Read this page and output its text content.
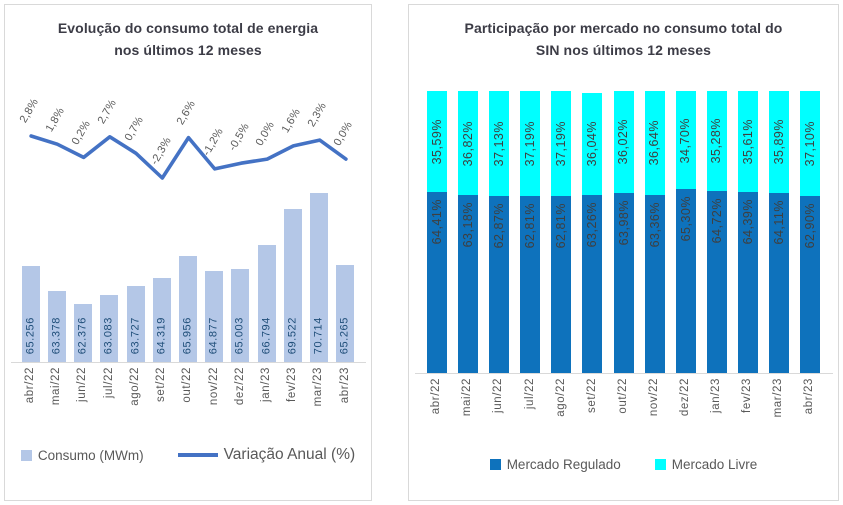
Evolução do consumo total de energia nos últimos 12 meses
65.256 63.378 62.376 63.083 63.727 64.319 65.956 64.877 65.003 66.794 69.522 70.714 65.265
2,8% 1,8% 0,2%
2,7%
0,7%
-2,3%
2,6%
-1,2% -0,5% 0,0% 1,6% 2,3%
0,0%
abr/22 mai/22 jun/22 jul/22 ago/22 set/22 out/22 nov/22 dez/22 jan/23 fev/23 mar/23 abr/23
Consumo (MWm)	Variação Anual (%)
Participação por mercado no consumo total do SIN nos últimos 12 meses
35,59%
64,41%
36,82%
63,18%
37,13%
62,87%
37,19%
62,81%
37,19%
62,81%
36,04%
63,26%
36,02%
63,98%
36,64%
63,36%
34,70%
65,30%
35,28%
64,72%
35,61%
64,39%
35,89%
64,11%
37,10%
62,90%
abr/22 mai/22 jun/22 jul/22 ago/22 set/22 out/22 nov/22 dez/22 jan/23 fev/23 mar/23 abr/23
Mercado Regulado	Mercado Livre
